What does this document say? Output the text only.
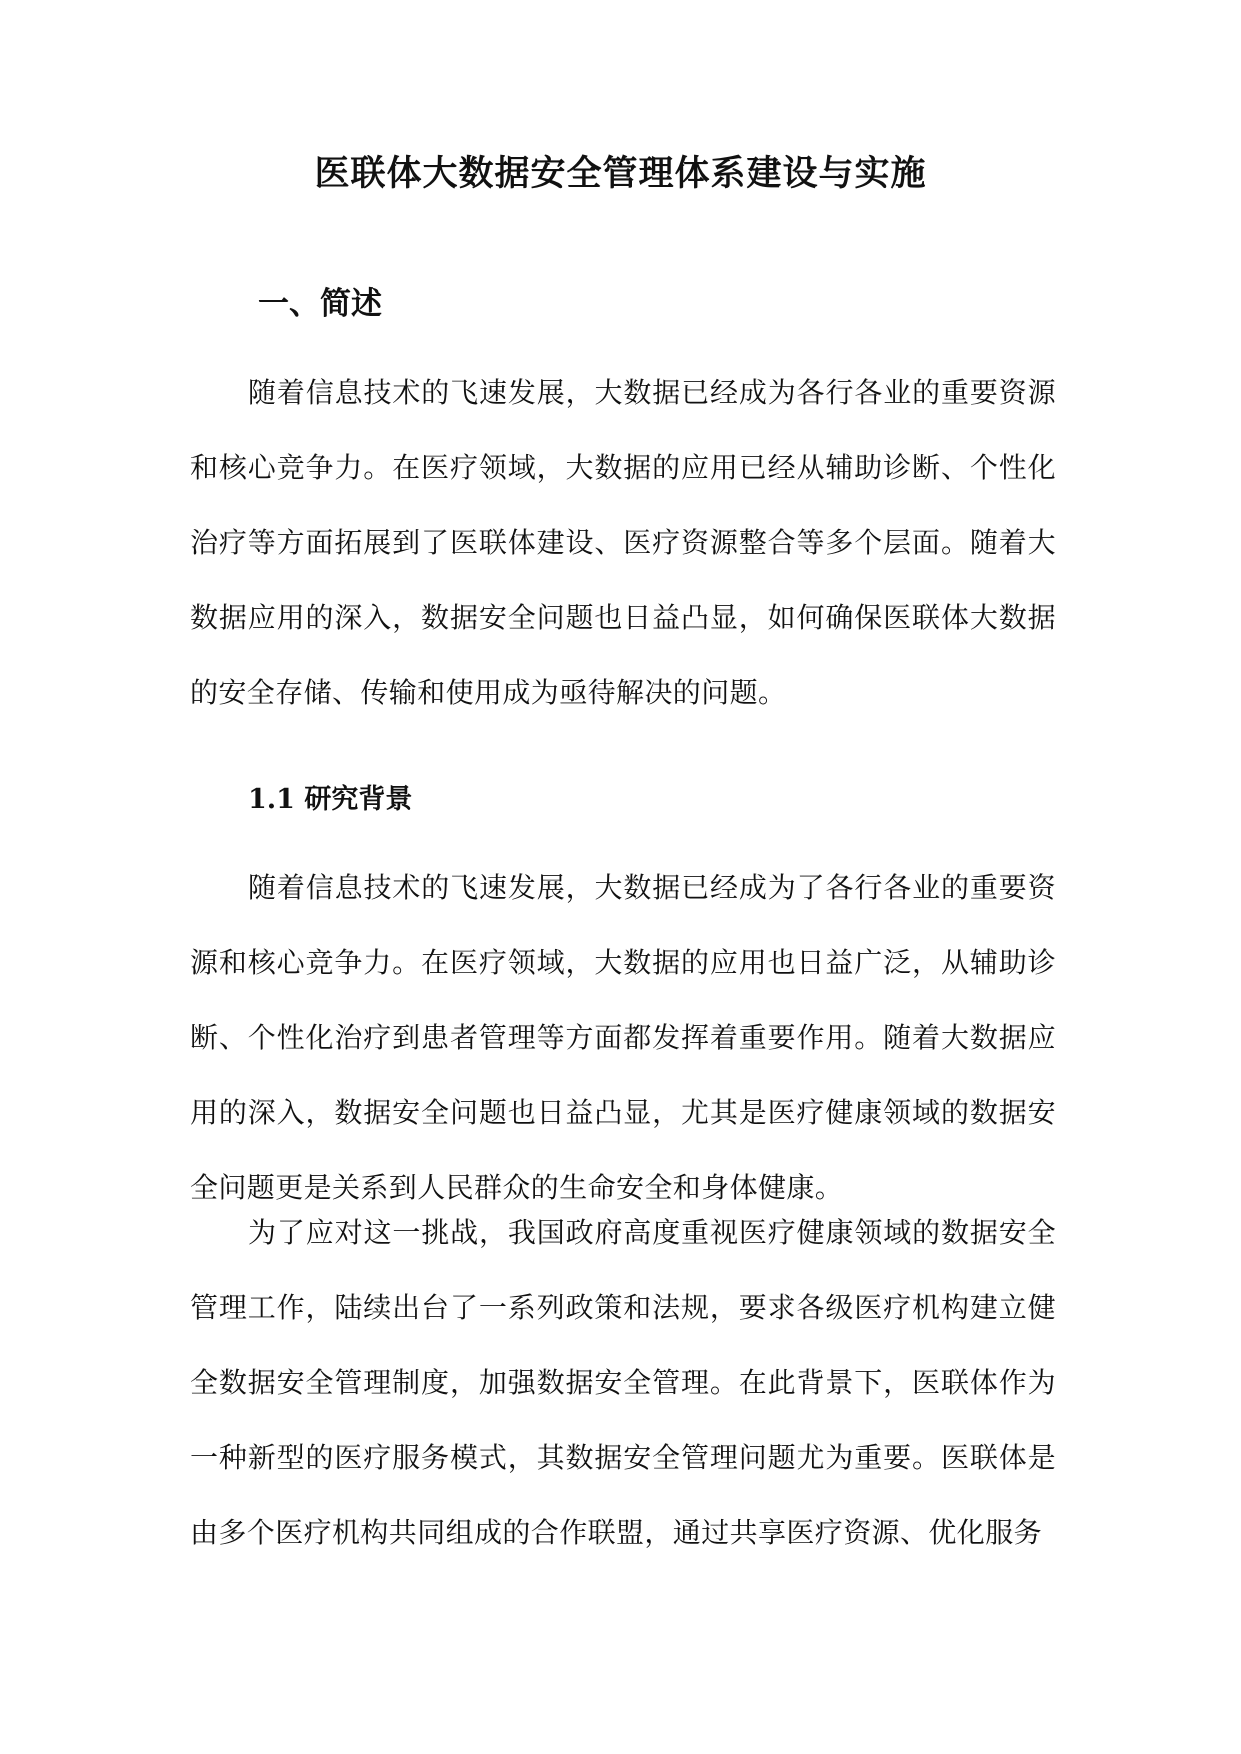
医联体大数据安全管理体系建设与实施
一、简述

随着信息技术的飞速发展，大数据已经成为各行各业的重要资源和核心竞争力。在医疗领域，大数据的应用已经从辅助诊断、个性化治疗等方面拓展到了医联体建设、医疗资源整合等多个层面。随着大数据应用的深入，数据安全问题也日益凸显，如何确保医联体大数据的安全存储、传输和使用成为亟待解决的问题。

1.1 研究背景

随着信息技术的飞速发展，大数据已经成为了各行各业的重要资源和核心竞争力。在医疗领域，大数据的应用也日益广泛，从辅助诊断、个性化治疗到患者管理等方面都发挥着重要作用。随着大数据应用的深入，数据安全问题也日益凸显，尤其是医疗健康领域的数据安全问题更是关系到人民群众的生命安全和身体健康。

为了应对这一挑战，我国政府高度重视医疗健康领域的数据安全管理工作，陆续出台了一系列政策和法规，要求各级医疗机构建立健全数据安全管理制度，加强数据安全管理。在此背景下，医联体作为一种新型的医疗服务模式，其数据安全管理问题尤为重要。医联体是由多个医疗机构共同组成的合作联盟，通过共享医疗资源、优化服务
